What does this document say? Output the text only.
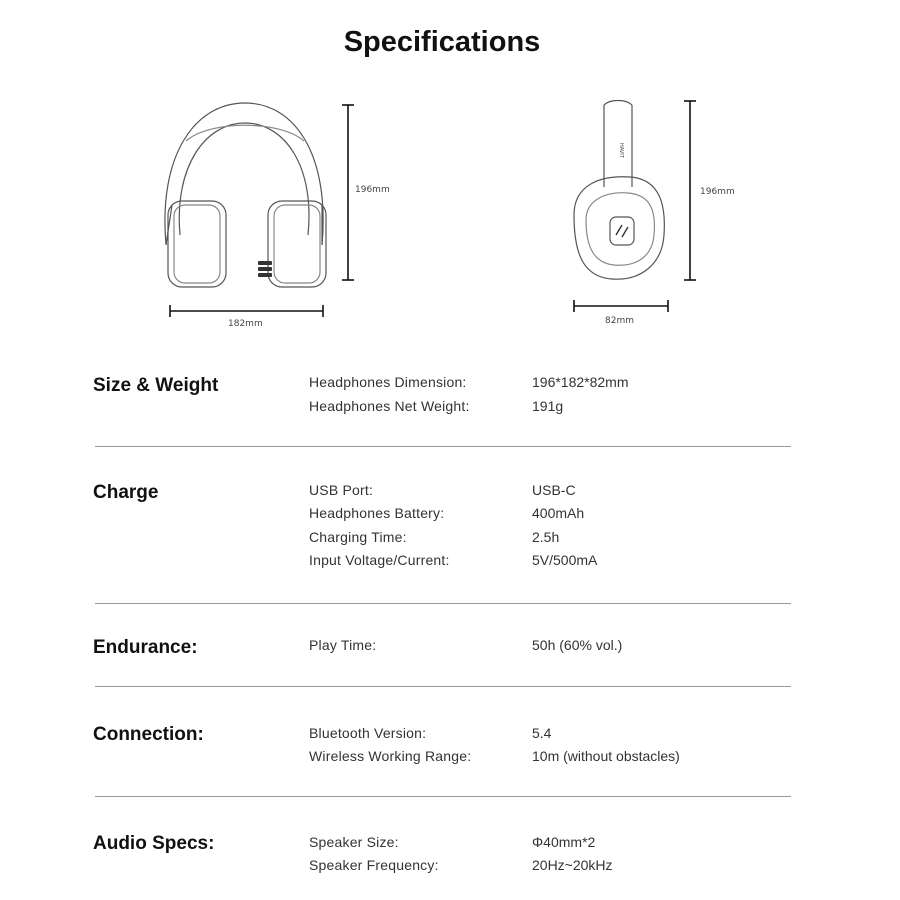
Specifications
196mm
182mm
HAVIT
196mm
82mm
Size & Weight	Headphones Dimension:	196*182*82mm
Headphones Net Weight:	191g
Charge	USB Port:	USB-C
Headphones Battery:	400mAh
Charging Time:	2.5h
Input Voltage/Current:	5V/500mA
Endurance:	Play Time:	50h (60% vol.)
Connection:	Bluetooth Version:	5.4
Wireless Working Range:	10m (without obstacles)
Audio Specs:	Speaker Size:	Φ40mm*2
Speaker Frequency:	20Hz~20kHz
